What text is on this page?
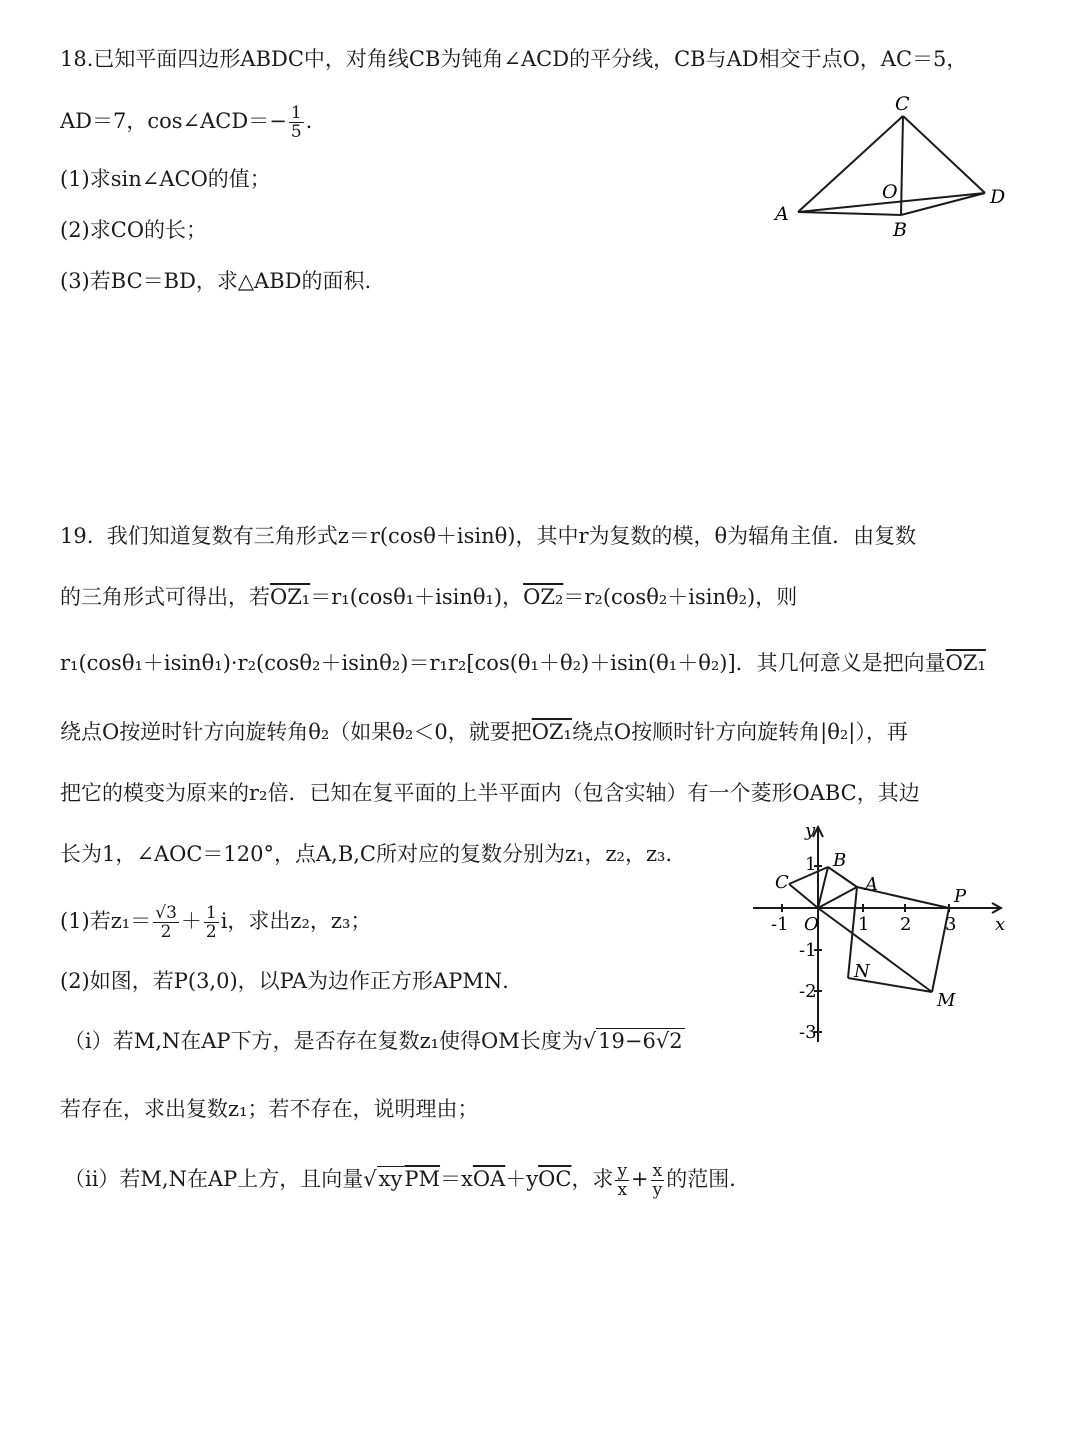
18.已知平面四边形ABDC中，对角线CB为钝角∠ACD的平分线，CB与AD相交于点O，AC＝5，
AD＝7，cos∠ACD＝− $\frac{1}{5}$ .
(1)求sin∠ACO的值；
(2)求CO的长；
(3)若BC＝BD，求△ABD的面积.
C
O	D
A
B
19. 我们知道复数有三角形式z＝r(cosθ＋isinθ)，其中r为复数的模，θ为辐角主值．由复数
的三角形式可得出，若OZ₁＝r₁(cosθ₁＋isinθ₁)，OZ₂＝r₂(cosθ₂＋isinθ₂)，则
r₁(cosθ₁＋isinθ₁)·r₂(cosθ₂＋isinθ₂)＝r₁r₂[cos(θ₁＋θ₂)＋isin(θ₁＋θ₂)]．其几何意义是把向量OZ₁
绕点O按逆时针方向旋转角θ₂（如果θ₂＜0，就要把OZ₁绕点O按顺时针方向旋转角|θ₂|），再
把它的模变为原来的r₂倍．已知在复平面的上半平面内（包含实轴）有一个菱形OABC，其边
长为1，∠AOC＝120°，点A,B,C所对应的复数分别为z₁，z₂，z₃．
(1)若$z_1= \frac{√3}{2} + \frac{1}{2}$ i，求出z₂，z₃；
(2)如图，若P(3,0)，以PA为边作正方形APMN．
（i）若M,N在AP下方，是否存在复数z₁使得OM长度为√19−6√2
若存在，求出复数z₁；若不存在，说明理由；
（ii）若M,N在AP上方，且向量$√xy\overline{PM}=x\overline{OA}+y\overline{OC}$，求 $\frac{y}{x} + \frac{x}{y}$ 的范围．
y
x
O
-1	1 2 3
1
-1
-2
-3
B
C	A
P
N
M
